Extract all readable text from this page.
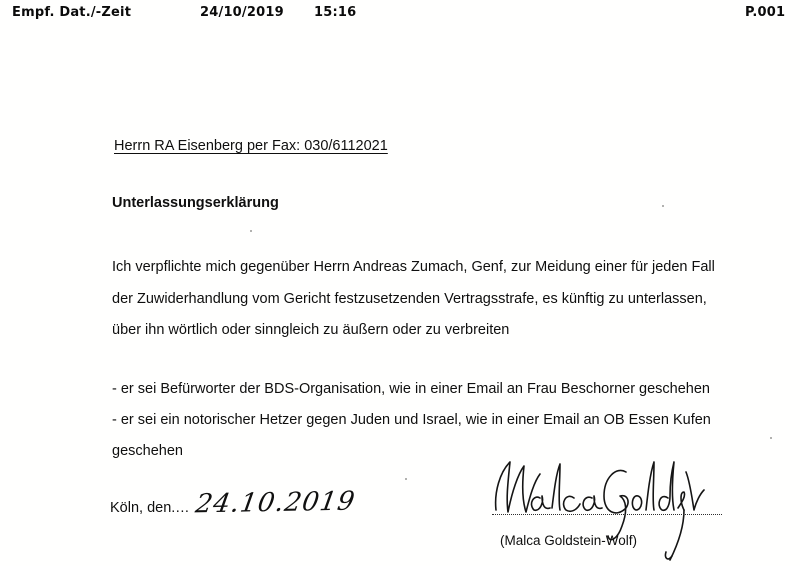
Empf. Dat./-Zeit	24/10/2019 15:16	P.001
Herrn RA Eisenberg per Fax: 030/6112021
Unterlassungserklärung
Ich verpflichte mich gegenüber Herrn Andreas Zumach, Genf, zur Meidung einer für jeden Fall
der Zuwiderhandlung vom Gericht festzusetzenden Vertragsstrafe, es künftig zu unterlassen,
über ihn wörtlich oder sinngleich zu äußern oder zu verbreiten
- er sei Befürworter der BDS-Organisation, wie in einer Email an Frau Beschorner geschehen
- er sei ein notorischer Hetzer gegen Juden und Israel, wie in einer Email an OB Essen Kufen
geschehen
Köln, den.... 24.10.2019
(Malca Goldstein-Wolf)
